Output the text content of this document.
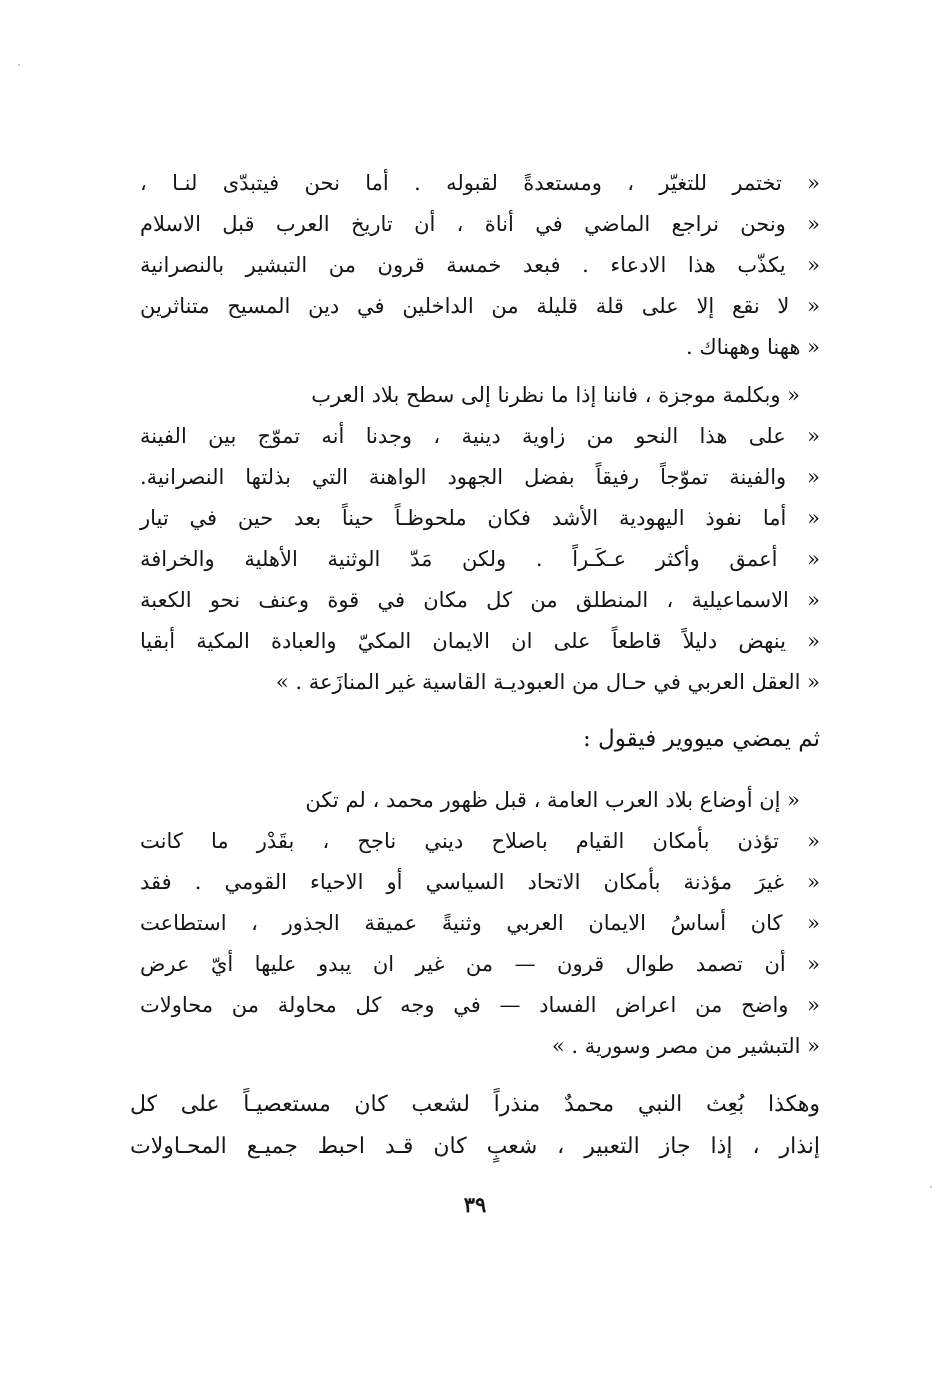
« تختمر للتغيّر ، ومستعدةً لقبوله . أما نحن فيتبدّى لنـا ،
« ونحن نراجع الماضي في أناة ، أن تاريخ العرب قبل الاسلام
« يكذّب هذا الادعاء . فبعد خمسة قرون من التبشير بالنصرانية
« لا نقع إلا على قلة قليلة من الداخلين في دين المسيح متناثرين
« ههنا وههناك .
« وبكلمة موجزة ، فاننا إذا ما نظرنا إلى سطح بلاد العرب
« على هذا النحو من زاوية دينية ، وجدنا أنه تموّج بين الفينة
« والفينة تموّجاً رفيقاً بفضل الجهود الواهنة التي بذلتها النصرانية.
« أما نفوذ اليهودية الأشد فكان ملحوظـاً حيناً بعد حين في تيار
« أعمق وأكثر عـكَـراً . ولكن مَدّ الوثنية الأهلية والخرافة
« الاسماعيلية ، المنطلق من كل مكان في قوة وعنف نحو الكعبة
« ينهض دليلاً قاطعاً على ان الايمان المكيّ والعبادة المكية أبقيا
« العقل العربي في حـال من العبوديـة القاسية غير المنازَعة . »
ثم يمضي ميووير فيقول :
« إن أوضاع بلاد العرب العامة ، قبل ظهور محمد ، لم تكن
« تؤذن بأمكان القيام باصلاح ديني ناجح ، بقَدْر ما كانت
« غيرَ مؤذنة بأمكان الاتحاد السياسي أو الاحياء القومي . فقد
« كان أساسُ الايمان العربي وثنيةً عميقة الجذور ، استطاعت
« أن تصمد طوال قرون — من غير ان يبدو عليها أيّ عرض
« واضح من اعراض الفساد — في وجه كل محاولة من محاولات
« التبشير من مصر وسورية . »
وهكذا بُعِث النبي محمدٌ منذراً لشعب كان مستعصيـاً على كل
إنذار ، إذا جاز التعبير ، شعبٍ كان قـد احبط جميـع المحـاولات
٣٩
